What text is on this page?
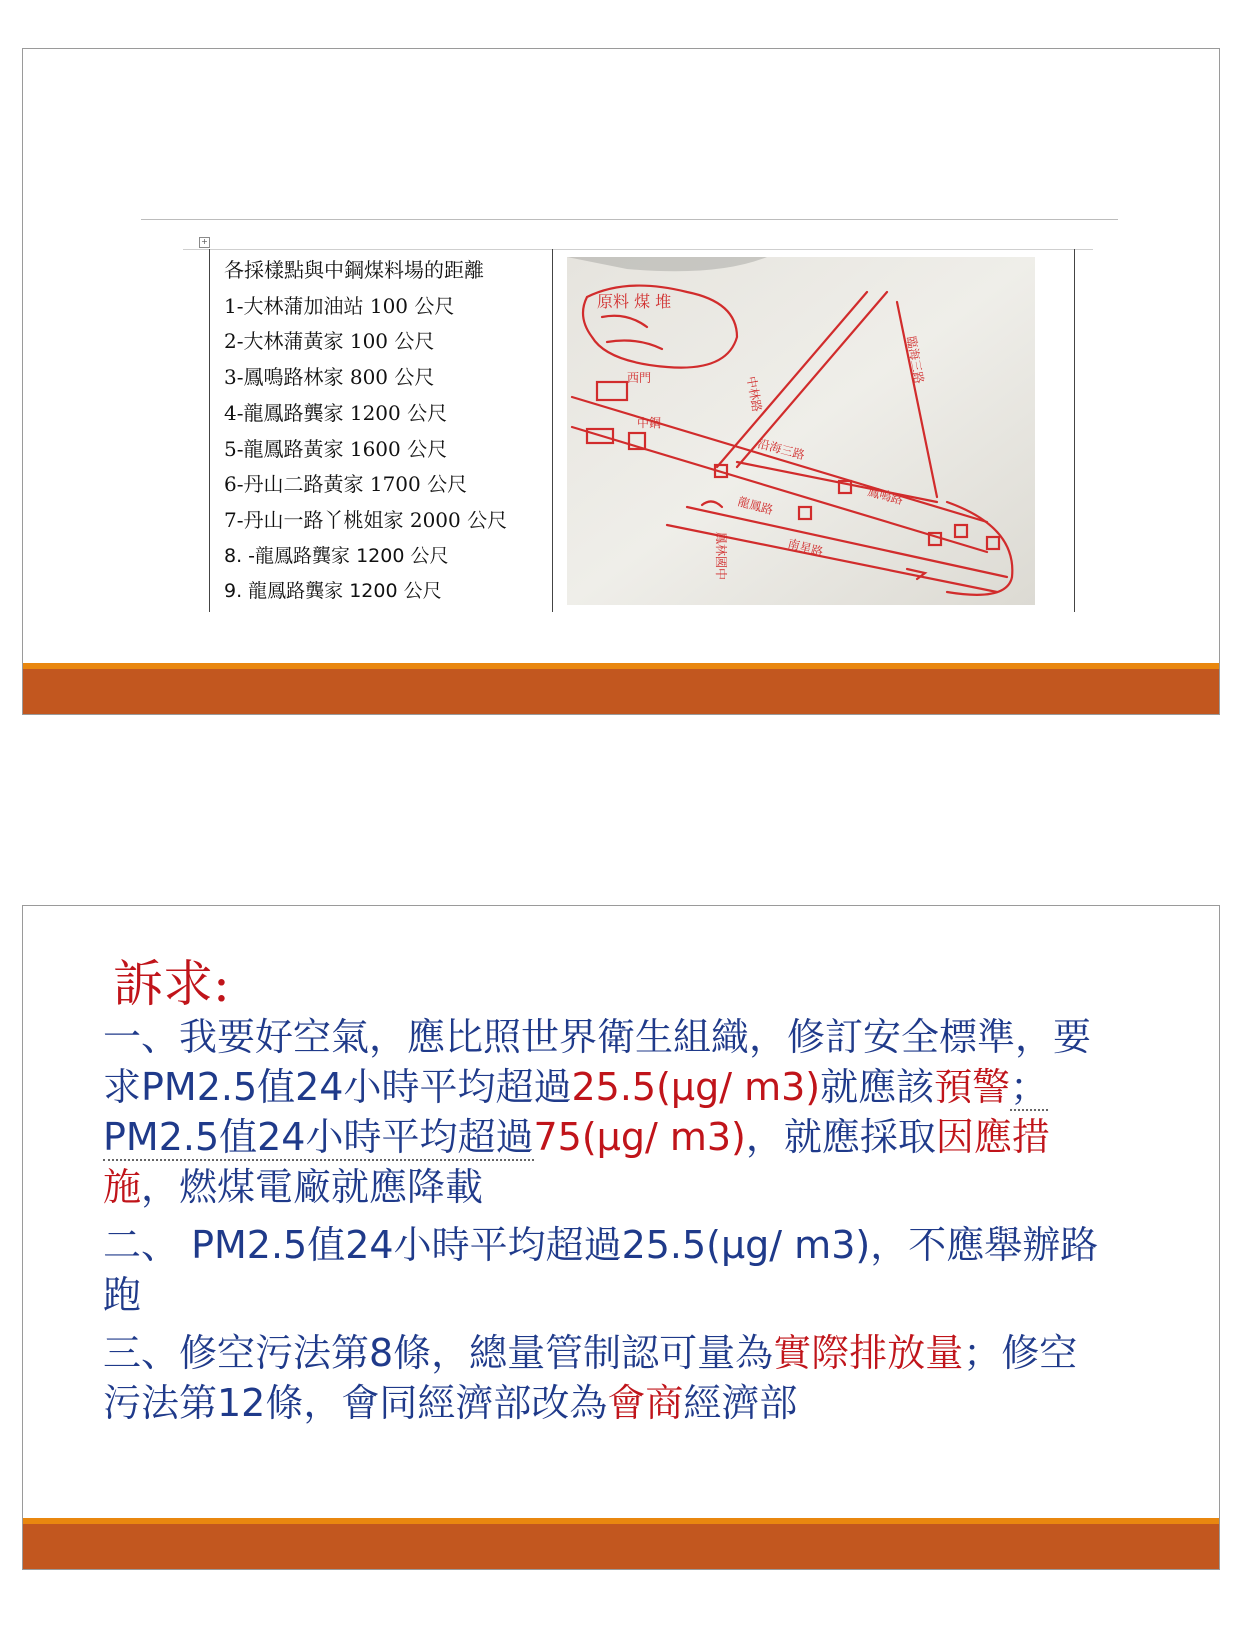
+
各採樣點與中鋼煤料場的距離
1-大林蒲加油站 100 公尺
2-大林蒲黃家 100 公尺
3-鳳鳴路林家 800 公尺
4-龍鳳路龔家 1200 公尺
5-龍鳳路黃家 1600 公尺
6-丹山二路黃家 1700 公尺
7-丹山一路丫桃姐家 2000 公尺
8. -龍鳳路龔家 1200 公尺
9. 龍鳳路龔家 1200 公尺
原料 煤 堆
中林路
臨海三路
沿海三路
鳳鳴路
龍鳳路
南星路
鳳林國中
西門
中鋼
訴求:

一、我要好空氣，應比照世界衛生組織，修訂安全標準，要求PM2.5值24小時平均超過25.5(μg/ m3)就應該預警； PM2.5值24小時平均超過75(μg/ m3)，就應採取因應措施，燃煤電廠就應降載

二、 PM2.5值24小時平均超過25.5(μg/ m3)，不應舉辦路跑

三、修空污法第8條，總量管制認可量為實際排放量；修空污法第12條，會同經濟部改為會商經濟部
